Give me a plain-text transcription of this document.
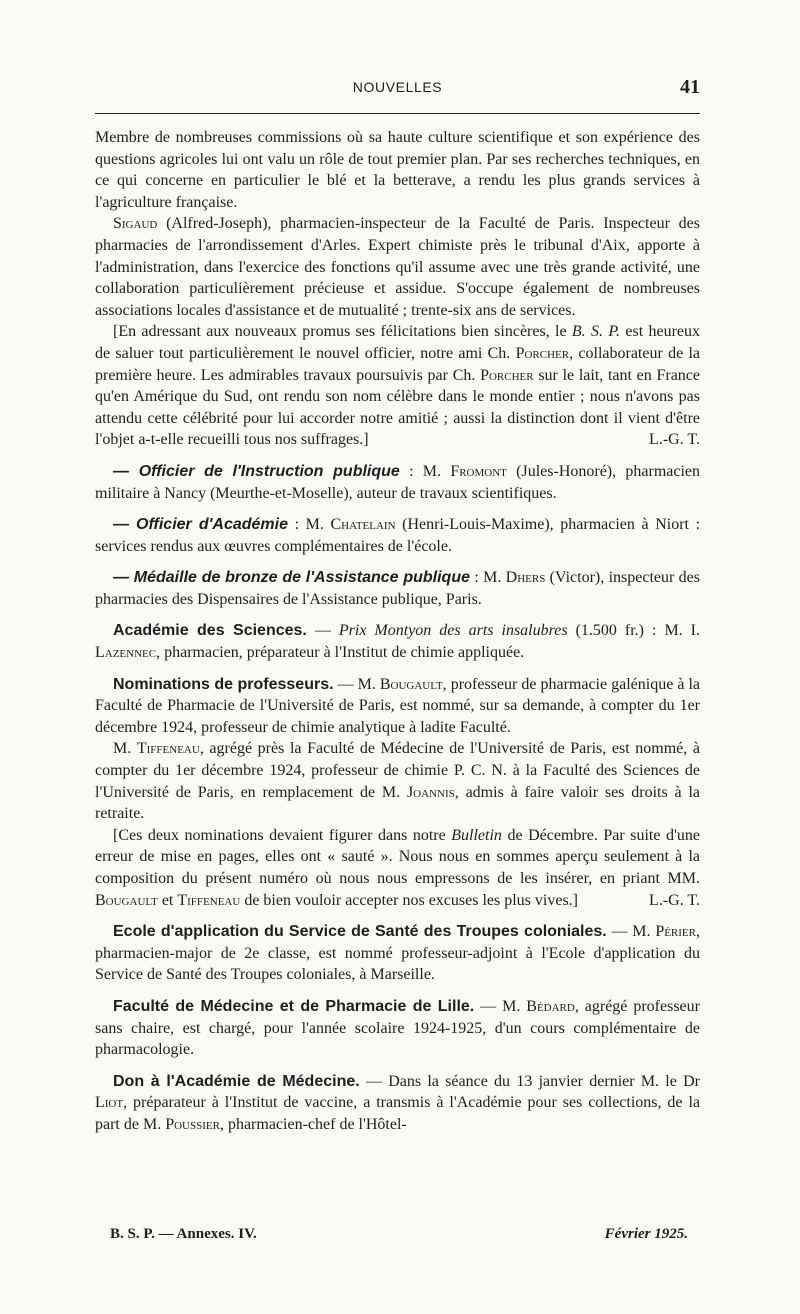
NOUVELLES	41

Membre de nombreuses commissions où sa haute culture scientifique et son expérience des questions agricoles lui ont valu un rôle de tout premier plan. Par ses recherches techniques, en ce qui concerne en particulier le blé et la betterave, a rendu les plus grands services à l'agriculture française.

Sigaud (Alfred-Joseph), pharmacien-inspecteur de la Faculté de Paris. Inspecteur des pharmacies de l'arrondissement d'Arles. Expert chimiste près le tribunal d'Aix, apporte à l'administration, dans l'exercice des fonctions qu'il assume avec une très grande activité, une collaboration particulièrement précieuse et assidue. S'occupe également de nombreuses associations locales d'assistance et de mutualité ; trente-six ans de services.

[En adressant aux nouveaux promus ses félicitations bien sincères, le B. S. P. est heureux de saluer tout particulièrement le nouvel officier, notre ami Ch. Porcher, collaborateur de la première heure. Les admirables travaux poursuivis par Ch. Porcher sur le lait, tant en France qu'en Amérique du Sud, ont rendu son nom célèbre dans le monde entier ; nous n'avons pas attendu cette célébrité pour lui accorder notre amitié ; aussi la distinction dont il vient d'être l'objet a-t-elle recueilli tous nos suffrages.]	L.-G. T.

— Officier de l'Instruction publique : M. Fromont (Jules-Honoré), pharmacien militaire à Nancy (Meurthe-et-Moselle), auteur de travaux scientifiques.

— Officier d'Académie : M. Chatelain (Henri-Louis-Maxime), pharmacien à Niort : services rendus aux œuvres complémentaires de l'école.

— Médaille de bronze de l'Assistance publique : M. Dhers (Victor), inspecteur des pharmacies des Dispensaires de l'Assistance publique, Paris.

Académie des Sciences. — Prix Montyon des arts insalubres (1.500 fr.) : M. I. Lazennec, pharmacien, préparateur à l'Institut de chimie appliquée.

Nominations de professeurs. — M. Bougault, professeur de pharmacie galénique à la Faculté de Pharmacie de l'Université de Paris, est nommé, sur sa demande, à compter du 1er décembre 1924, professeur de chimie analytique à ladite Faculté.

M. Tiffeneau, agrégé près la Faculté de Médecine de l'Université de Paris, est nommé, à compter du 1er décembre 1924, professeur de chimie P. C. N. à la Faculté des Sciences de l'Université de Paris, en remplacement de M. Joannis, admis à faire valoir ses droits à la retraite.

[Ces deux nominations devaient figurer dans notre Bulletin de Décembre. Par suite d'une erreur de mise en pages, elles ont « sauté ». Nous nous en sommes aperçu seulement à la composition du présent numéro où nous nous empressons de les insérer, en priant MM. Bougault et Tiffeneau de bien vouloir accepter nos excuses les plus vives.]	L.-G. T.

Ecole d'application du Service de Santé des Troupes coloniales. — M. Périer, pharmacien-major de 2e classe, est nommé professeur-adjoint à l'Ecole d'application du Service de Santé des Troupes coloniales, à Marseille.

Faculté de Médecine et de Pharmacie de Lille. — M. Bédard, agrégé professeur sans chaire, est chargé, pour l'année scolaire 1924-1925, d'un cours complémentaire de pharmacologie.

Don à l'Académie de Médecine. — Dans la séance du 13 janvier dernier M. le Dr Liot, préparateur à l'Institut de vaccine, a transmis à l'Académie pour ses collections, de la part de M. Poussier, pharmacien-chef de l'Hôtel-

B. S. P. — Annexes. IV.	Février 1925.
